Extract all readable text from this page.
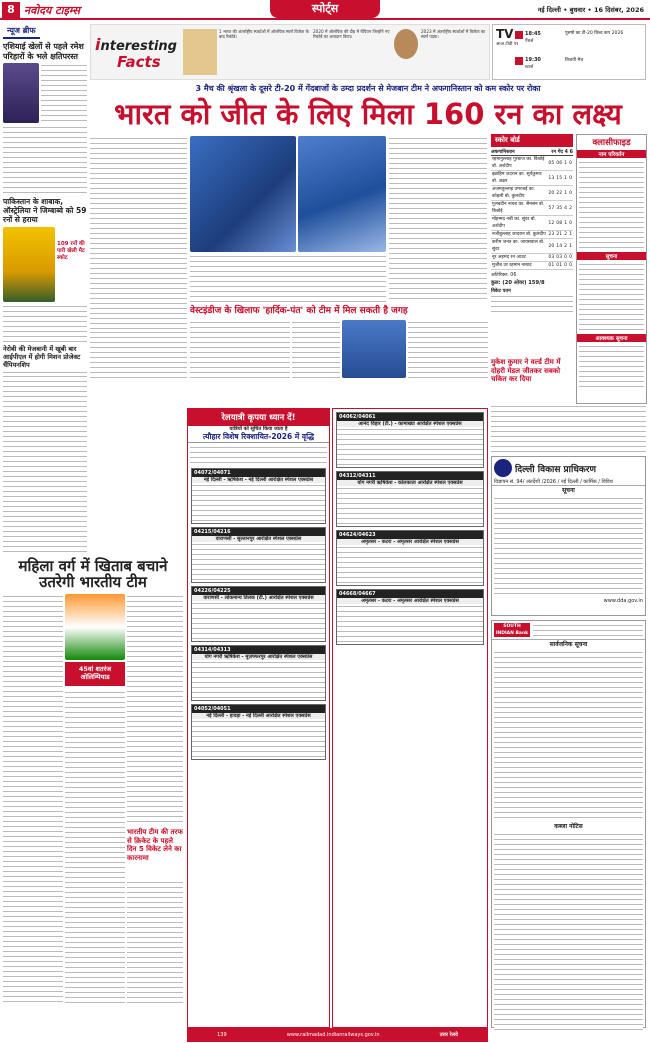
8 नवोदय टाइम्स	स्पोर्ट्स	नई दिल्ली • बुधवार • 16 दिसंबर, 2026
न्यूज ब्रीफ
एशियाई खेलों से पहले रमेश परिहारों के भले क्षतिपरस्त
पाकिस्तान के शाबाक, ऑस्ट्रेलिया ने जिम्बाब्वे को 59 रनों से हराया
109 रनों की पारी खेली मैट स्कोट
नेरोबी की मेजबानी में खूबी बार आईपीएल में होगी मिशन प्रोजेक्ट चैंपियनशिप
interesting
Facts
1 भारत की अंतर्राष्ट्रीय स्पर्धाओं में ओलंपिक स्वर्ण विजेता के बाद रिकॉर्ड।
2020 में ओलंपिक की दौड़ में चैंपियन जिन्होंने नए रिकॉर्ड का आवदान किया।
2023 में अंतर्राष्ट्रीय स्पर्धाओं में विजेता का स्वर्ण पदक।	TV
आज टीवी पर
18:45
पैंथर्स
पुरुषों का टी-20 विश्व कप 2026
19:30
स्टार्स
विजयी मैच
3 मैच की श्रृंखला के दूसरे टी-20 में गेंदबाजों के उम्दा प्रदर्शन से मेजबान टीम ने अफगानिस्तान को कम स्कोर पर रोका
भारत को जीत के लिए मिला 160 रन का लक्ष्य
वेस्टइंडीज के खिलाफ 'हार्दिक-पंत' को टीम में मिल सकती है जगह
स्कोर बोर्ड
अफगानिस्तान	रन गेंद 4 6
रहमानुल्लाह गुरबाज का. बिश्नोई बो. अर्शदीप	05	06	1	0
इब्राहिम जदरान का. सूर्यकुमार बो. अक्षर	13	15	1	0
अजमतुल्लाह उमरजई का. कोहली बो. कुलदीप	20	22	1	0
गुलबदीन नायब का. सैमसन बो. बिश्नोई	57	35	4	2
मोहम्मद नबी का. सुंदर बो. अर्शदीप	12	08	1	0
नजीबुल्लाह जादरान बो. कुलदीप	23	21	2	1
करीम जनत का. जायसवाल बो. सुंदर	20	14	2	1
नूर अहमद रन आउट	03	03	0	0
मुजीब उर रहमान नाबाद	01	01	0	0
अतिरिक्त: 06
कुल: (20 ओवर) 159/8
विकेट पतन
क्लासीफाइड
नाम परिवर्तन
सूचना
आवश्यक सूचना
मुकेश कुमार ने वर्ल्ड टीम में दोहरी मेडल जीतकर सबको चकित कर दिया
महिला वर्ग में खिताब बचाने उतरेगी भारतीय टीम
45वां शतरंज ओलिम्पियाड
भारतीय टीम की तरफ से क्रिकेट के पहले दिन 5 विकेट लेने का कारनामा
रेलयात्री कृपया ध्यान दें!
यात्रियों को सूचित किया जाता है
त्यौहार विशेष रिक्शायित-2026 में वृद्धि
04072/04071
नई दिल्ली - ऋषिकेश - नई दिल्ली आरक्षित स्पेशल एक्सप्रेस
04215/04216
वाराणसी - सुल्तानपुर आरक्षित स्पेशल एक्सप्रेस
04226/04225
वाराणसी - लोकमान्य तिलक (टी.) आरक्षित स्पेशल एक्सप्रेस
04314/04313
योग नगरी ऋषिकेश - मुज़फ्फरपुर आरक्षित स्पेशल एक्सप्रेस
04052/04051
नई दिल्ली - हावड़ा - नई दिल्ली आरक्षित स्पेशल एक्सप्रेस
04062/04061
आनंद विहार (टी.) - कामाख्या आरक्षित स्पेशल एक्सप्रेस
04312/04311
योग नगरी ऋषिकेश - कोलकाता आरक्षित स्पेशल एक्सप्रेस
04624/04623
अमृतसर - कटरा - अमृतसर आरक्षित स्पेशल एक्सप्रेस
04668/04667
अमृतसर - कटरा - अमृतसर आरक्षित स्पेशल एक्सप्रेस
दिल्ली विकास प्राधिकरण
विज्ञापन सं. 94/ अंतर्देशी /2026 / नई दिल्ली / कार्मिक / विविध
सूचना
www.dda.gov.in
SOUTH INDIAN Bank
सार्वजनिक सूचना
कब्जा नोटिस
139	www.railmadad.indianrailways.gov.in	उत्तर रेलवे
